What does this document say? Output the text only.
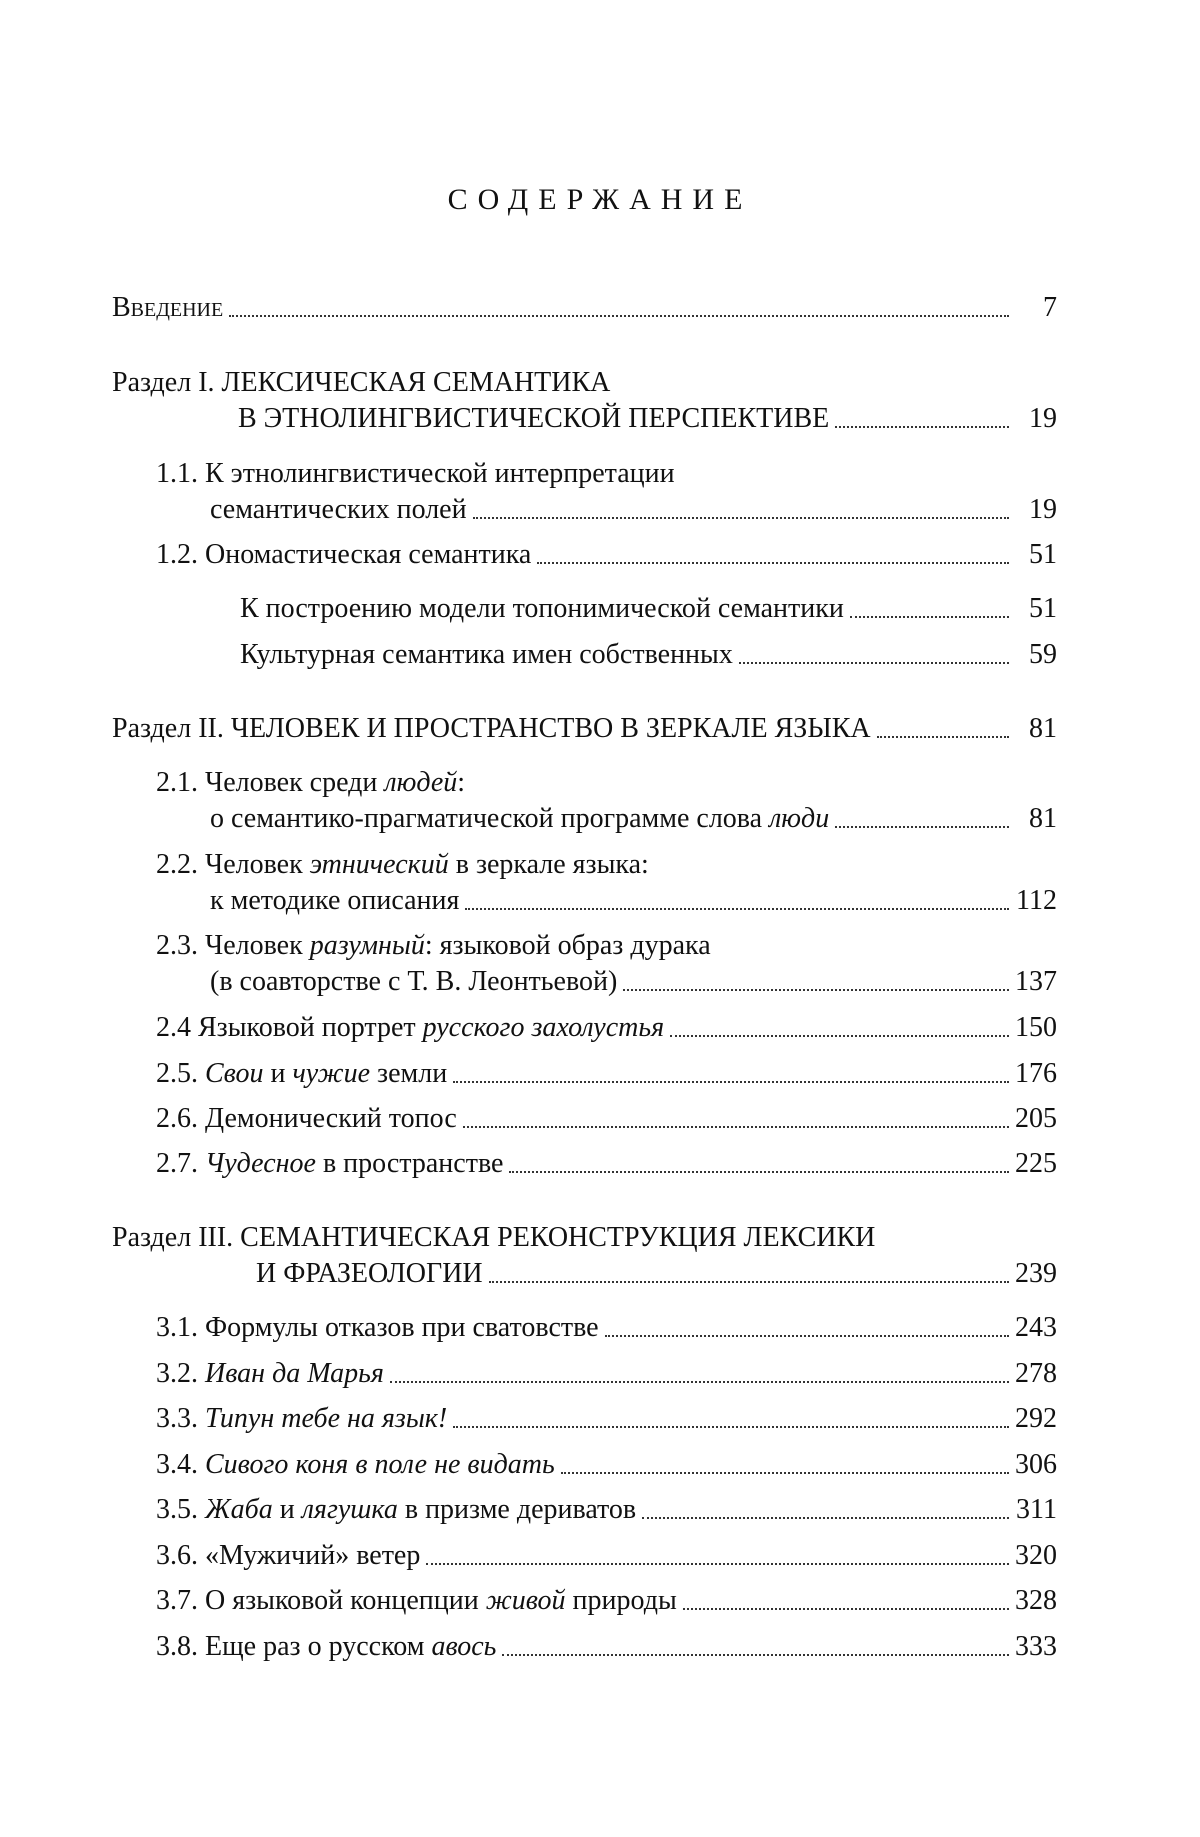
СОДЕРЖАНИЕ
Введение	7
Раздел I. ЛЕКСИЧЕСКАЯ СЕМАНТИКА
В ЭТНОЛИНГВИСТИЧЕСКОЙ ПЕРСПЕКТИВЕ	19
1.1. К этнолингвистической интерпретации
семантических полей	19
1.2. Ономастическая семантика	51
К построению модели топонимической семантики	51
Культурная семантика имен собственных	59
Раздел II. ЧЕЛОВЕК И ПРОСТРАНСТВО В ЗЕРКАЛЕ ЯЗЫКА	81
2.1. Человек среди людей:
о семантико-прагматической программе слова люди	81
2.2. Человек этнический в зеркале языка:
к методике описания	112
2.3. Человек разумный: языковой образ дурака
(в соавторстве с Т. В. Леонтьевой)	137
2.4 Языковой портрет русского захолустья	150
2.5. Свои и чужие земли	176
2.6. Демонический топос	205
2.7. Чудесное в пространстве	225
Раздел III. СЕМАНТИЧЕСКАЯ РЕКОНСТРУКЦИЯ ЛЕКСИКИ
И ФРАЗЕОЛОГИИ	239
3.1. Формулы отказов при сватовстве	243
3.2. Иван да Марья	278
3.3. Типун тебе на язык!	292
3.4. Сивого коня в поле не видать	306
3.5. Жаба и лягушка в призме дериватов	311
3.6. «Мужичий» ветер	320
3.7. О языковой концепции живой природы	328
3.8. Еще раз о русском авось	333
